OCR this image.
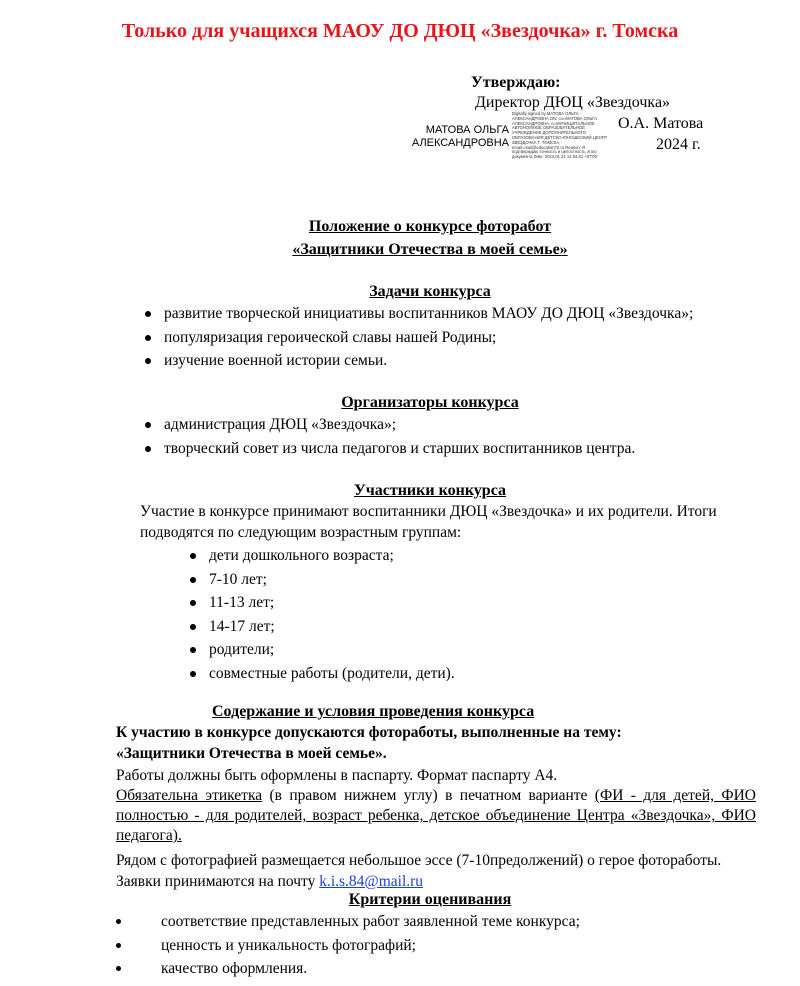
Только для учащихся МАОУ ДО ДЮЦ «Звездочка» г. Томска
Утверждаю:
Директор ДЮЦ «Звездочка»
МАТОВА ОЛЬГА
АЛЕКСАНДРОВНА
Digitally signed by МАТОВА ОЛЬГА АЛЕКСАНДРОВНА DN: cn=МАТОВА ОЛЬГА АЛЕКСАНДРОВНА, o=МУНИЦИПАЛЬНОЕ АВТОНОМНОЕ ОБРАЗОВАТЕЛЬНОЕ УЧРЕЖДЕНИЕ ДОПОЛНИТЕЛЬНОГО ОБРАЗОВАНИЯ ДЕТСКО-ЮНОШЕСКИЙ ЦЕНТР ЗВЕЗДОЧКА Г. ТОМСКА, email=mail@education70.ru Reason: Я подтверждаю точность и целостность этого документа Date: 2024.01.31 14:04:51 +07'00'
О.А. Матова
2024 г.
Положение о конкурсе фоторабот
«Защитники Отечества в моей семье»
Задачи конкурса
развитие творческой инициативы воспитанников МАОУ ДО ДЮЦ «Звездочка»;
популяризация героической славы нашей Родины;
изучение военной истории семьи.
Организаторы конкурса
администрация ДЮЦ «Звездочка»;
творческий совет из числа педагогов и старших воспитанников центра.
Участники конкурса
Участие в конкурсе принимают воспитанники ДЮЦ «Звездочка» и их родители. Итоги
подводятся по следующим возрастным группам:
дети дошкольного возраста;
7-10 лет;
11-13 лет;
14-17 лет;
родители;
совместные работы (родители, дети).
Содержание и условия проведения конкурса
К участию в конкурсе допускаются фотоработы, выполненные на тему:
«Защитники Отечества в моей семье».
Работы должны быть оформлены в паспарту. Формат паспарту А4.
Обязательна этикетка (в правом нижнем углу) в печатном варианте (ФИ - для детей, ФИО полностью - для родителей, возраст ребенка, детское объединение Центра «Звездочка», ФИО педагога).
Рядом с фотографией размещается небольшое эссе (7-10предолжений) о герое фотоработы.
Заявки принимаются на почту k.i.s.84@mail.ru
Критерии оценивания
соответствие представленных работ заявленной теме конкурса;
ценность и уникальность фотографий;
качество оформления.
